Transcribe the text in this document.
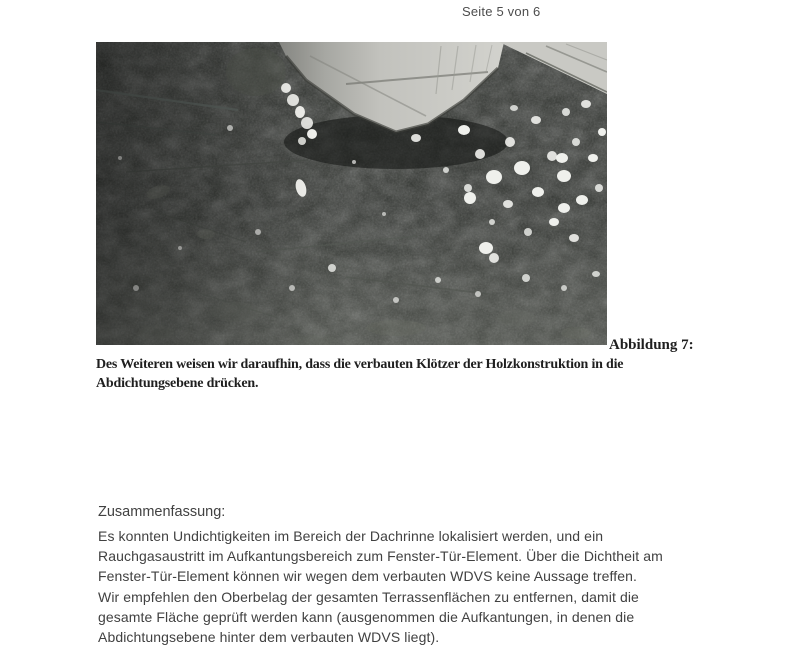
Seite 5 von 6
Abbildung 7:
Des Weiteren weisen wir daraufhin, dass die verbauten Klötzer der Holzkonstruktion in die
Abdichtungsebene drücken.
Zusammenfassung:
Es konnten Undichtigkeiten im Bereich der Dachrinne lokalisiert werden, und ein
Rauchgasaustritt im Aufkantungsbereich zum Fenster-Tür-Element. Über die Dichtheit am
Fenster-Tür-Element können wir wegen dem verbauten WDVS keine Aussage treffen.
Wir empfehlen den Oberbelag der gesamten Terrassenflächen zu entfernen, damit die
gesamte Fläche geprüft werden kann (ausgenommen die Aufkantungen, in denen die
Abdichtungsebene hinter dem verbauten WDVS liegt).
